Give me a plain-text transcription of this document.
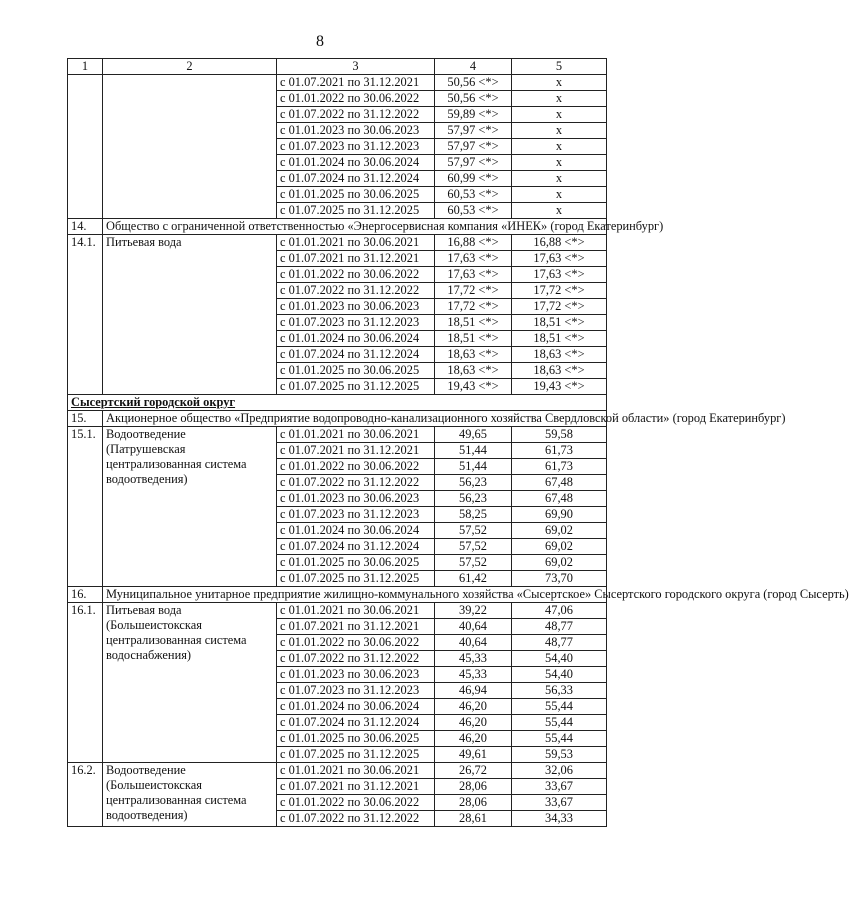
8
1	2	3	4	5
		с 01.07.2021 по 31.12.2021	50,56 <*>	х
		с 01.01.2022 по 30.06.2022	50,56 <*>	х
		с 01.07.2022 по 31.12.2022	59,89 <*>	х
		с 01.01.2023 по 30.06.2023	57,97 <*>	х
		с 01.07.2023 по 31.12.2023	57,97 <*>	х
		с 01.01.2024 по 30.06.2024	57,97 <*>	х
		с 01.07.2024 по 31.12.2024	60,99 <*>	х
		с 01.01.2025 по 30.06.2025	60,53 <*>	х
		с 01.07.2025 по 31.12.2025	60,53 <*>	х
14.	Общество с ограниченной ответственностью «Энергосервисная компания «ИНЕК» (город Екатеринбург)			
14.1.	Питьевая вода	с 01.01.2021 по 30.06.2021	16,88 <*>	16,88 <*>
		с 01.07.2021 по 31.12.2021	17,63 <*>	17,63 <*>
		с 01.01.2022 по 30.06.2022	17,63 <*>	17,63 <*>
		с 01.07.2022 по 31.12.2022	17,72 <*>	17,72 <*>
		с 01.01.2023 по 30.06.2023	17,72 <*>	17,72 <*>
		с 01.07.2023 по 31.12.2023	18,51 <*>	18,51 <*>
		с 01.01.2024 по 30.06.2024	18,51 <*>	18,51 <*>
		с 01.07.2024 по 31.12.2024	18,63 <*>	18,63 <*>
		с 01.01.2025 по 30.06.2025	18,63 <*>	18,63 <*>
		с 01.07.2025 по 31.12.2025	19,43 <*>	19,43 <*>
Сысертский городской округ				
15.	Акционерное общество «Предприятие водопроводно-канализационного хозяйства Свердловской области» (город Екатеринбург)			
15.1.	Водоотведение
(Патрушевская
централизованная система
водоотведения)	с 01.01.2021 по 30.06.2021	49,65	59,58
		с 01.07.2021 по 31.12.2021	51,44	61,73
		с 01.01.2022 по 30.06.2022	51,44	61,73
		с 01.07.2022 по 31.12.2022	56,23	67,48
		с 01.01.2023 по 30.06.2023	56,23	67,48
		с 01.07.2023 по 31.12.2023	58,25	69,90
		с 01.01.2024 по 30.06.2024	57,52	69,02
		с 01.07.2024 по 31.12.2024	57,52	69,02
		с 01.01.2025 по 30.06.2025	57,52	69,02
		с 01.07.2025 по 31.12.2025	61,42	73,70
16.	Муниципальное унитарное предприятие жилищно-коммунального хозяйства «Сысертское» Сысертского городского округа (город Сысерть)			
16.1.	Питьевая вода
(Большеистокская
централизованная система
водоснабжения)	с 01.01.2021 по 30.06.2021	39,22	47,06
		с 01.07.2021 по 31.12.2021	40,64	48,77
		с 01.01.2022 по 30.06.2022	40,64	48,77
		с 01.07.2022 по 31.12.2022	45,33	54,40
		с 01.01.2023 по 30.06.2023	45,33	54,40
		с 01.07.2023 по 31.12.2023	46,94	56,33
		с 01.01.2024 по 30.06.2024	46,20	55,44
		с 01.07.2024 по 31.12.2024	46,20	55,44
		с 01.01.2025 по 30.06.2025	46,20	55,44
		с 01.07.2025 по 31.12.2025	49,61	59,53
16.2.	Водоотведение
(Большеистокская
централизованная система
водоотведения)	с 01.01.2021 по 30.06.2021	26,72	32,06
		с 01.07.2021 по 31.12.2021	28,06	33,67
		с 01.01.2022 по 30.06.2022	28,06	33,67
		с 01.07.2022 по 31.12.2022	28,61	34,33
